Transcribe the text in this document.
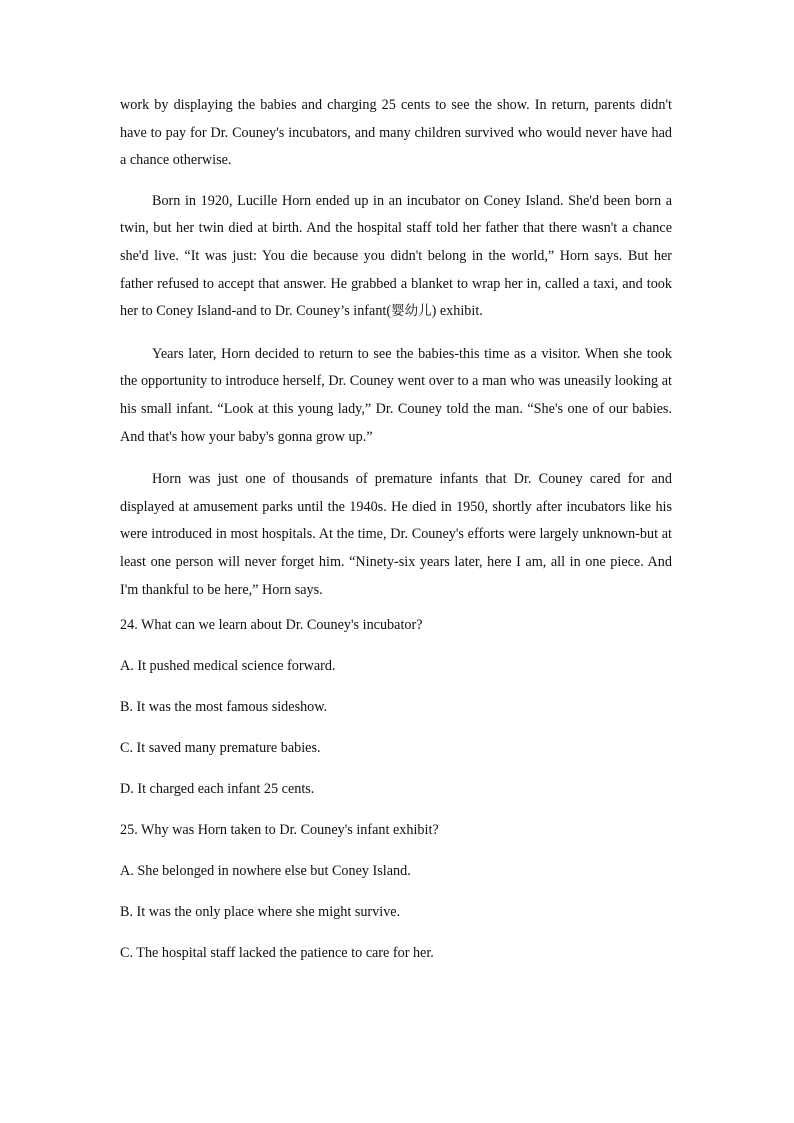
work by displaying the babies and charging 25 cents to see the show. In return, parents didn't have to pay for Dr. Couney's incubators, and many children survived who would never have had a chance otherwise.

Born in 1920, Lucille Horn ended up in an incubator on Coney Island. She'd been born a twin, but her twin died at birth. And the hospital staff told her father that there wasn't a chance she'd live. “It was just: You die because you didn't belong in the world,” Horn says. But her father refused to accept that answer. He grabbed a blanket to wrap her in, called a taxi, and took her to Coney Island-and to Dr. Couney’s infant(婴幼儿) exhibit.

Years later, Horn decided to return to see the babies-this time as a visitor. When she took the opportunity to introduce herself, Dr. Couney went over to a man who was uneasily looking at his small infant. “Look at this young lady,” Dr. Couney told the man. “She's one of our babies. And that's how your baby's gonna grow up.”

Horn was just one of thousands of premature infants that Dr. Couney cared for and displayed at amusement parks until the 1940s. He died in 1950, shortly after incubators like his were introduced in most hospitals. At the time, Dr. Couney's efforts were largely unknown-but at least one person will never forget him. “Ninety-six years later, here I am, all in one piece. And I'm thankful to be here,” Horn says.

24. What can we learn about Dr. Couney's incubator?

A. It pushed medical science forward.

B. It was the most famous sideshow.

C. It saved many premature babies.

D. It charged each infant 25 cents.

25. Why was Horn taken to Dr. Couney's infant exhibit?

A. She belonged in nowhere else but Coney Island.

B. It was the only place where she might survive.

C. The hospital staff lacked the patience to care for her.
